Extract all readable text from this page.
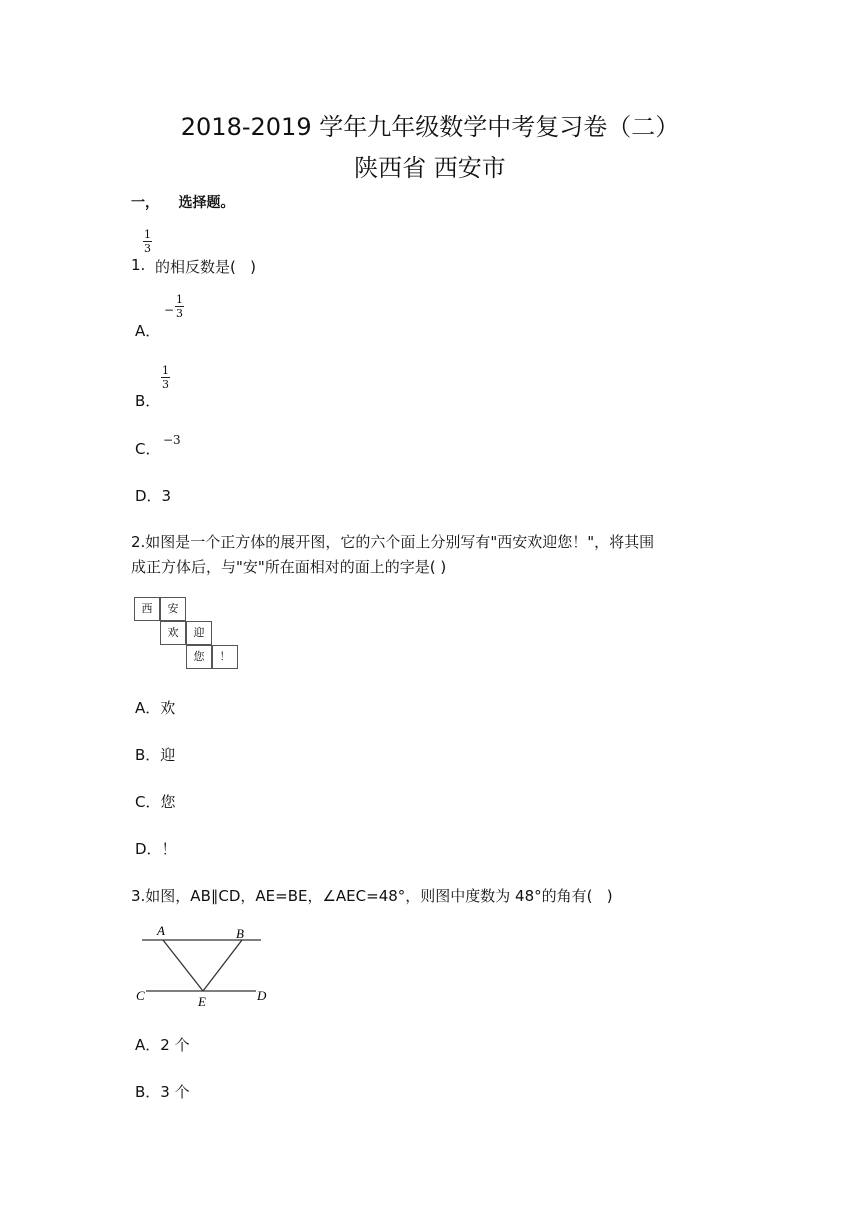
2018-2019 学年九年级数学中考复习卷（二）
陕西省 西安市
一，    选择题。
1.
1
3
的相反数是(   )
A．
−
1
3
B．
1
3
C． −3
D．3
2.如图是一个正方体的展开图，它的六个面上分别写有"西安欢迎您！"，将其围
成正方体后，与"安"所在面相对的面上的字是( )
西	安
欢	迎
您	！
A．欢
B．迎
C．您
D．！
3.如图，AB∥CD，AE=BE，∠AEC=48°，则图中度数为 48°的角有(   )
A	B
C	D
E
A．2 个
B．3 个
